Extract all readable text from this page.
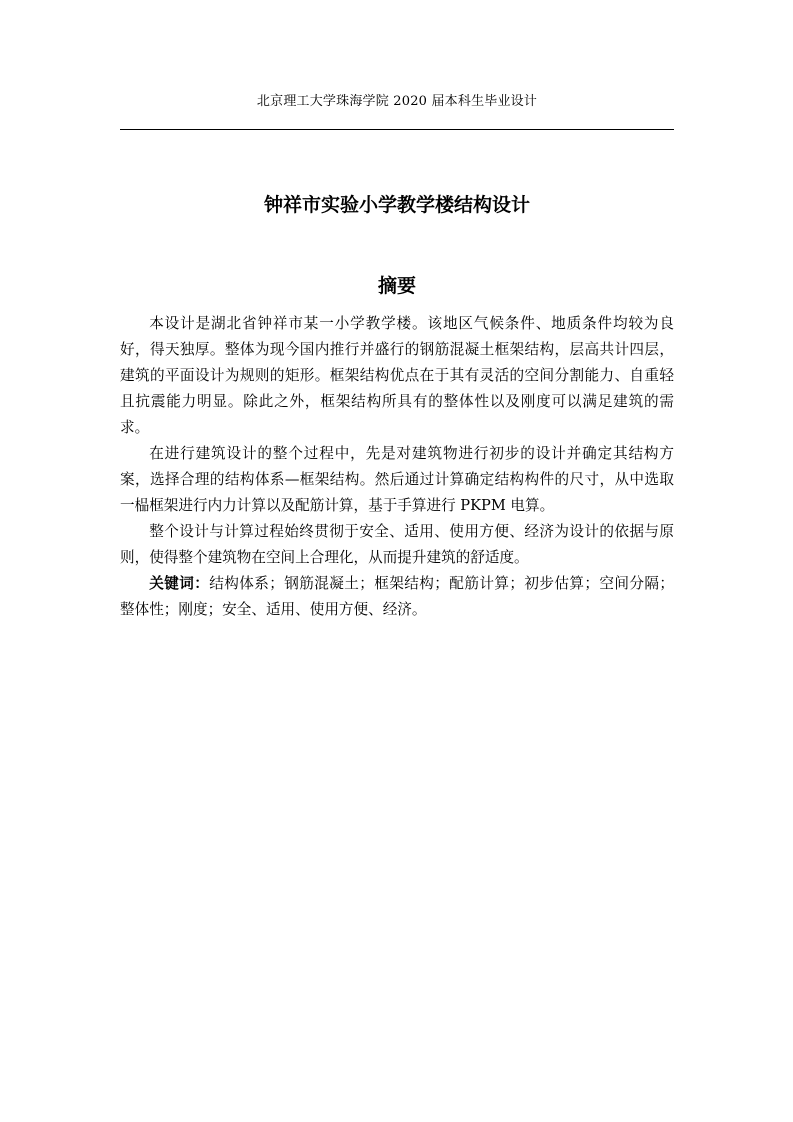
北京理工大学珠海学院 2020 届本科生毕业设计
钟祥市实验小学教学楼结构设计
摘要

本设计是湖北省钟祥市某一小学教学楼。该地区气候条件、地质条件均较为良好，得天独厚。整体为现今国内推行并盛行的钢筋混凝土框架结构，层高共计四层，建筑的平面设计为规则的矩形。框架结构优点在于其有灵活的空间分割能力、自重轻且抗震能力明显。除此之外，框架结构所具有的整体性以及刚度可以满足建筑的需求。

在进行建筑设计的整个过程中，先是对建筑物进行初步的设计并确定其结构方案，选择合理的结构体系—框架结构。然后通过计算确定结构构件的尺寸，从中选取一榀框架进行内力计算以及配筋计算，基于手算进行 PKPM 电算。

整个设计与计算过程始终贯彻于安全、适用、使用方便、经济为设计的依据与原则，使得整个建筑物在空间上合理化，从而提升建筑的舒适度。

关键词：结构体系；钢筋混凝土；框架结构；配筋计算；初步估算；空间分隔；整体性；刚度；安全、适用、使用方便、经济。
